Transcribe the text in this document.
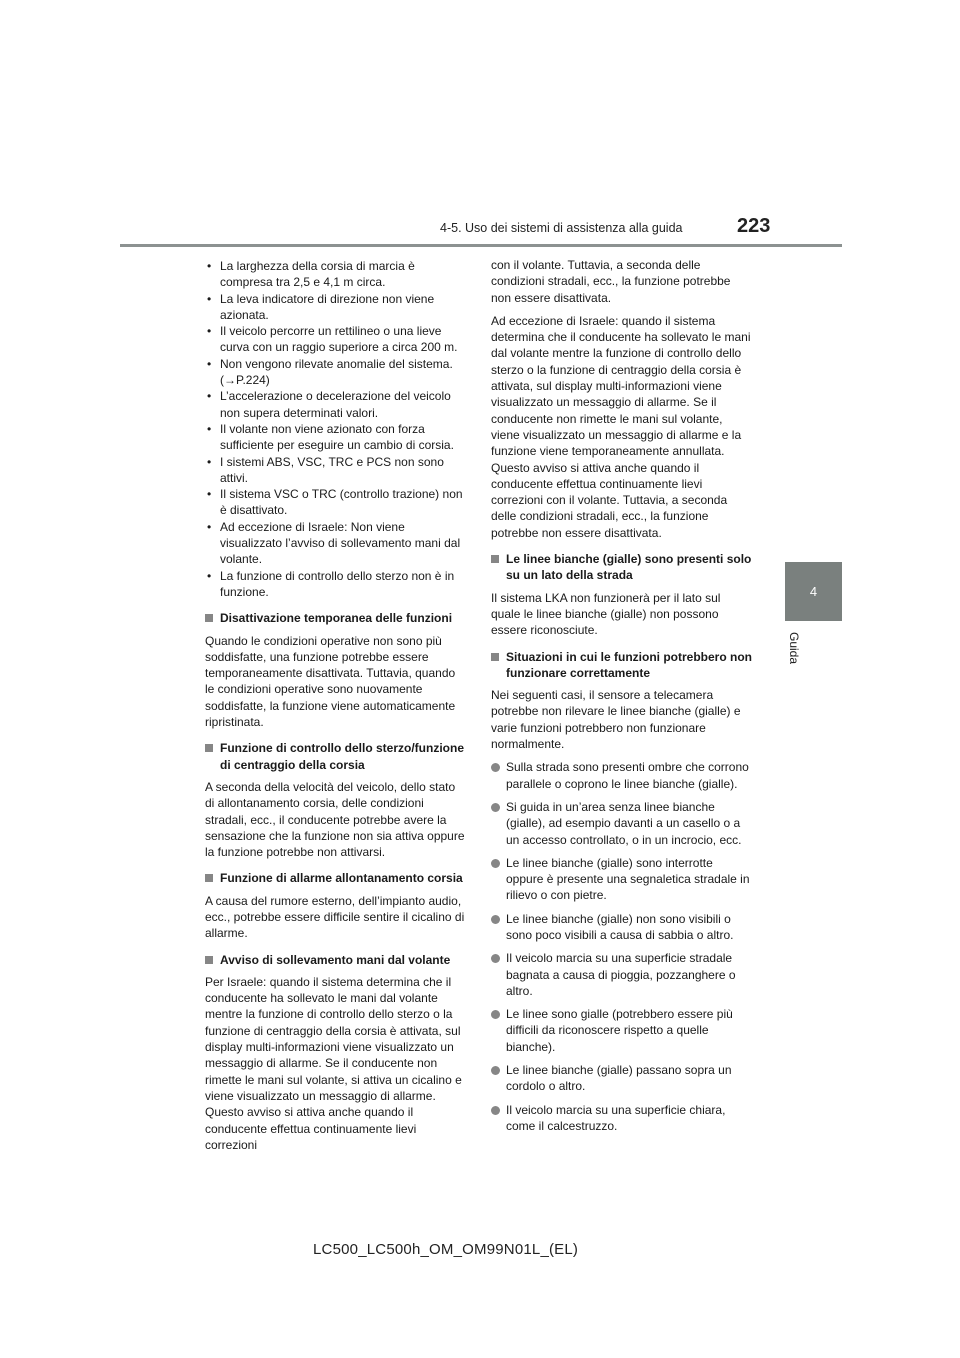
4-5. Uso dei sistemi di assistenza alla guida	223
4
Guida
• La larghezza della corsia di marcia è compresa tra 2,5 e 4,1 m circa.
• La leva indicatore di direzione non viene azionata.
• Il veicolo percorre un rettilineo o una lieve curva con un raggio superiore a circa 200 m.
• Non vengono rilevate anomalie del sistema. (→P.224)
• L’accelerazione o decelerazione del veicolo non supera determinati valori.
• Il volante non viene azionato con forza sufficiente per eseguire un cambio di corsia.
• I sistemi ABS, VSC, TRC e PCS non sono attivi.
• Il sistema VSC o TRC (controllo trazione) non è disattivato.
• Ad eccezione di Israele: Non viene visualizzato l’avviso di sollevamento mani dal volante.
• La funzione di controllo dello sterzo non è in funzione.
Disattivazione temporanea delle funzioni

Quando le condizioni operative non sono più soddisfatte, una funzione potrebbe essere temporaneamente disattivata. Tuttavia, quando le condizioni operative sono nuovamente soddisfatte, la funzione viene automaticamente ripristinata.

Funzione di controllo dello sterzo/funzione di centraggio della corsia

A seconda della velocità del veicolo, dello stato di allontanamento corsia, delle condizioni stradali, ecc., il conducente potrebbe avere la sensazione che la funzione non sia attiva oppure la funzione potrebbe non attivarsi.

Funzione di allarme allontanamento corsia

A causa del rumore esterno, dell’impianto audio, ecc., potrebbe essere difficile sentire il cicalino di allarme.

Avviso di sollevamento mani dal volante

Per Israele: quando il sistema determina che il conducente ha sollevato le mani dal volante mentre la funzione di controllo dello sterzo o la funzione di centraggio della corsia è attivata, sul display multi-informazioni viene visualizzato un messaggio di allarme. Se il conducente non rimette le mani sul volante, si attiva un cicalino e viene visualizzato un messaggio di allarme. Questo avviso si attiva anche quando il conducente effettua continuamente lievi correzioni

con il volante. Tuttavia, a seconda delle condizioni stradali, ecc., la funzione potrebbe non essere disattivata.

Ad eccezione di Israele: quando il sistema determina che il conducente ha sollevato le mani dal volante mentre la funzione di controllo dello sterzo o la funzione di centraggio della corsia è attivata, sul display multi-informazioni viene visualizzato un messaggio di allarme. Se il conducente non rimette le mani sul volante, viene visualizzato un messaggio di allarme e la funzione viene temporaneamente annullata. Questo avviso si attiva anche quando il conducente effettua continuamente lievi correzioni con il volante. Tuttavia, a seconda delle condizioni stradali, ecc., la funzione potrebbe non essere disattivata.

Le linee bianche (gialle) sono presenti solo su un lato della strada

Il sistema LKA non funzionerà per il lato sul quale le linee bianche (gialle) non possono essere riconosciute.

Situazioni in cui le funzioni potrebbero non funzionare correttamente

Nei seguenti casi, il sensore a telecamera potrebbe non rilevare le linee bianche (gialle) e varie funzioni potrebbero non funzionare normalmente.

Sulla strada sono presenti ombre che corrono parallele o coprono le linee bianche (gialle).
Si guida in un’area senza linee bianche (gialle), ad esempio davanti a un casello o a un accesso controllato, o in un incrocio, ecc.
Le linee bianche (gialle) sono interrotte oppure è presente una segnaletica stradale in rilievo o con pietre.
Le linee bianche (gialle) non sono visibili o sono poco visibili a causa di sabbia o altro.
Il veicolo marcia su una superficie stradale bagnata a causa di pioggia, pozzanghere o altro.
Le linee sono gialle (potrebbero essere più difficili da riconoscere rispetto a quelle bianche).
Le linee bianche (gialle) passano sopra un cordolo o altro.
Il veicolo marcia su una superficie chiara, come il calcestruzzo.
LC500_LC500h_OM_OM99N01L_(EL)
